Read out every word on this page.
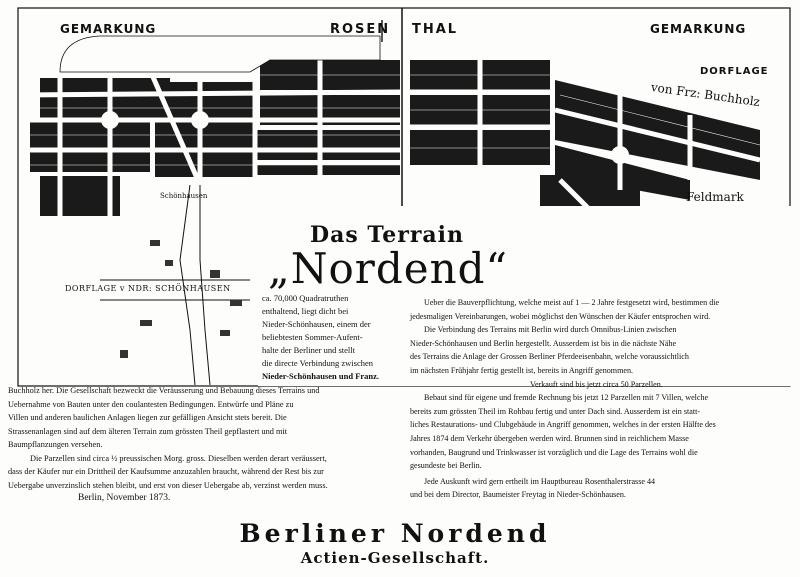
GEMARKUNG	ROSEN THAL	GEMARKUNG
DORFLAGE
von Frz: Buchholz
Feldmark
Schönhausen
DORFLAGE v NDR: SCHÖNHAUSEN
Das Terrain
„Nordend“
ca. 70,000 Quadratruthen
enthaltend, liegt dicht bei
Nieder-Schönhausen, einem der
beliebtesten Sommer-Aufent-
halte der Berliner und stellt
die directe Verbindung zwischen
Nieder-Schönhausen und Franz.
Buchholz her. Die Gesellschaft bezweckt die Veräusserung und Bebauung dieses Terrains und
Uebernahme von Bauten unter den coulantesten Bedingungen. Entwürfe und Pläne zu
Villen und anderen baulichen Anlagen liegen zur gefälligen Ansicht stets bereit. Die
Strassenanlagen sind auf dem älteren Terrain zum grössten Theil gepflastert und mit
Baumpflanzungen versehen.
Die Parzellen sind circa ½ preussischen Morg. gross. Dieselben werden derart veräussert,
dass der Käufer nur ein Drittheil der Kaufsumme anzuzahlen braucht, während der Rest bis zur
Uebergabe unverzinslich stehen bleibt, und erst von dieser Uebergabe ab, verzinst werden muss.
Berlin, November 1873.
Ueber die Bauverpflichtung, welche meist auf 1 — 2 Jahre festgesetzt wird, bestimmen die
jedesmaligen Vereinbarungen, wobei möglichst den Wünschen der Käufer entsprochen wird.
Die Verbindung des Terrains mit Berlin wird durch Omnibus-Linien zwischen
Nieder-Schönhausen und Berlin hergestellt. Ausserdem ist bis in die nächste Nähe
des Terrains die Anlage der Grossen Berliner Pferdeeisenbahn, welche voraussichtlich
im nächsten Frühjahr fertig gestellt ist, bereits in Angriff genommen.
Verkauft sind bis jetzt circa 50 Parzellen.
Bebaut sind für eigene und fremde Rechnung bis jetzt 12 Parzellen mit 7 Villen, welche
bereits zum grössten Theil im Rohbau fertig und unter Dach sind. Ausserdem ist ein statt-
liches Restaurations- und Clubgebäude in Angriff genommen, welches in der ersten Hälfte des
Jahres 1874 dem Verkehr übergeben werden wird. Brunnen sind in reichlichem Masse
vorhanden, Baugrund und Trinkwasser ist vorzüglich und die Lage des Terrains wohl die
gesundeste bei Berlin.
Jede Auskunft wird gern ertheilt im Hauptbureau Rosenthalerstrasse 44
und bei dem Director, Baumeister Freytag in Nieder-Schönhausen.
Berliner Nordend
Actien-Gesellschaft.
